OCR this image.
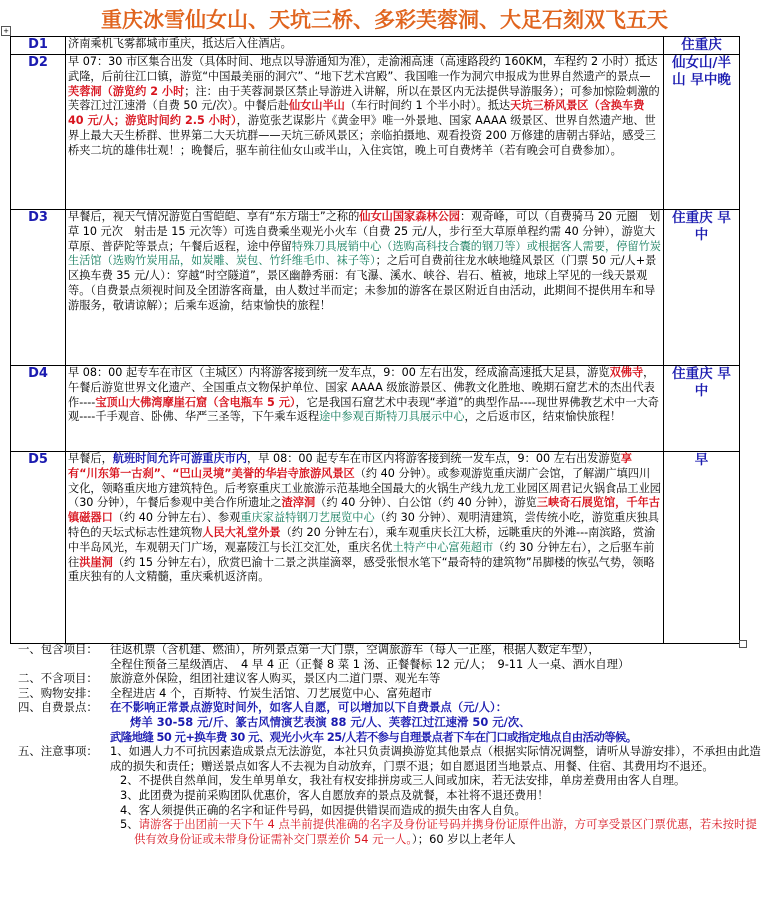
重庆冰雪仙女山、天坑三桥、多彩芙蓉洞、大足石刻双飞五天
+
D1	济南乘机飞雾都城市重庆，抵达后入住酒店。	住重庆
D2	早 07：30 市区集合出发（具体时间、地点以导游通知为准），走渝湘高速（高速路段约 160KM，车程约 2 小时）抵达武隆，后前往江口镇，游览“中国最美丽的洞穴”、“地下艺术宫殿”、我国唯一作为洞穴申报成为世界自然遗产的景点—芙蓉洞（游览约 2 小时；注：由于芙蓉洞景区禁止导游进入讲解，所以在景区内无法提供导游服务）；可参加惊险刺激的芙蓉江过江速滑（自费 50 元/次）。中餐后赴仙女山半山（车行时间约 1 个半小时）。抵达天坑三桥风景区（含换车费 40 元/人；游览时间约 2.5 小时），游览张艺谋影片《黄金甲》唯一外景地、国家 AAAA 级景区、世界自然遗产地、世界上最大天生桥群、世界第二大天坑群——天坑三硚风景区；亲临拍摄地、观看投资 200 万修建的唐朝古驿站，感受三桥夹二坑的雄伟壮观！；晚餐后，驱车前往仙女山或半山，入住宾馆，晚上可自费烤羊（若有晚会可自费参加）。	仙女山/半山 早中晚
D3	早餐后，视天气情况游览白雪皑皑、享有“东方瑞士”之称的仙女山国家森林公园：观奇峰，可以（自费骑马 20 元圈　划草 10 元次　射击是 15 元次等）可选自费乘坐观光小火车（自费 25 元/人，步行至大草原单程约需 40 分钟），游览大草原、普萨陀等景点；午餐后返程，途中停留特殊刀具展销中心（选购高科技合囊的钢刀等）或根据客人需要，停留竹炭生活馆（选购竹炭用品，如炭雕、炭包、竹纤维毛巾、袜子等）；之后可自费前往龙水峡地缝风景区（门票 50 元/人+景区换车费 35 元/人）：穿越“时空隧道”，景区幽静秀丽：有飞瀑、溪水、峡谷、岩石、植被，地球上罕见的一线天景观等。（自费景点须视时间及全团游客商量，由人数过半而定；未参加的游客在景区附近自由活动，此期间不提供用车和导游服务，敬请谅解）；后乘车返渝，结束愉快的旅程！	住重庆 早中
D4	早 08：00 起专车在市区（主城区）内将游客接到统一发车点，9：00 左右出发，经成渝高速抵大足县，游览双佛寺，午餐后游览世界文化遗产、全国重点文物保护单位、国家 AAAA 级旅游景区、佛教文化胜地、晚期石窟艺术的杰出代表作----宝顶山大佛湾摩崖石窟（含电瓶车 5 元），它是我国石窟艺术中表现“孝道”的典型作品----现世界佛教艺术中一大奇观----千手观音、卧佛、华严三圣等，下午乘车返程途中参观百斯特刀具展示中心，之后返市区，结束愉快旅程！	住重庆 早中
D5	早餐后，航班时间允许可游重庆市内，早 08：00 起专车在市区内将游客接到统一发车点，9：00 左右出发游览享有“川东第一古刹”、“巴山灵境”美誉的华岩寺旅游风景区（约 40 分钟）。或参观游览重庆湖广会馆，了解湖广填四川文化，领略重庆地方建筑特色。后考察重庆工业旅游示范基地全国最大的火锅生产线九龙工业园区周君记火锅食品工业园（30 分钟），午餐后参观中美合作所遗址之渣滓洞（约 40 分钟）、白公馆（约 40 分钟），游览三峡奇石展览馆，千年古镇磁器口（约 40 分钟左右）、参观重庆家益特钢刀艺展览中心（约 30 分钟）、观明清建筑，尝传统小吃，游览重庆独具特色的天坛式标志性建筑物人民大礼堂外景（约 20 分钟左右），乘车观重庆长江大桥，远眺重庆的外滩---南滨路，赏渝中半岛风光，车观朝天门广场，观嘉陵江与长江交汇处，重庆名优土特产中心富苑超市（约 30 分钟左右），之后驱车前往洪崖洞（约 15 分钟左右），欣赏巴渝十二景之洪崖滴翠，感受张恨水笔下“最奇特的建筑物”吊脚楼的恢弘气势，领略重庆独有的人文精髓，重庆乘机返济南。	早
一、包含项目：	往返机票（含机建、燃油），所列景点第一大门票，空调旅游车（每人一正座，根据人数定车型），
全程住预备三星级酒店、　4 早 4 正（正餐 8 菜 1 汤、正餐餐标 12 元/人；　9-11 人一桌、酒水自理）
二、不含项目：	旅游意外保险，组团社建议客人购买，景区内二道门票、观光车等
三、购物安排：	全程进店 4 个，百斯特、竹炭生活馆、刀艺展览中心、富苑超市
四、自费景点：	在不影响正常景点游览时间外，如客人自愿，可以增加以下自费景点（元/人）：
烤羊 30-58 元/斤、篆古风情演艺表演 88 元/人、芙蓉江过江速滑 50 元/次、
武隆地缝 50 元+换车费 30 元、观光小火车 25/人若不参与自理景点者下车在门口或指定地点自由活动等候。
五、注意事项：	1、如遇人力不可抗因素造成景点无法游览，本社只负责调换游览其他景点（根据实际情况调整，请听从导游安排），不承担由此造成的损失和责任；赠送景点如客人不去视为自动放弃，门票不退；如自愿退团当地景点、用餐、住宿、其费用均不退还。
2、不提供自然单间，发生单男单女，我社有权安排拼房或三人间或加床，若无法安排，单房差费用由客人自理。
3、此团费为提前采购团队优惠价，客人自愿放弃的景点及就餐，本社将不退还费用！
4、客人须提供正确的名字和证件号码，如因提供错误而造成的损失由客人自负。
5、请游客于出团前一天下午 4 点半前提供准确的名字及身份证号码并携身份证原件出游，方可享受景区门票优惠，若未按时提供有效身份证或未带身份证需补交门票差价 54 元一人。）；60 岁以上老年人
